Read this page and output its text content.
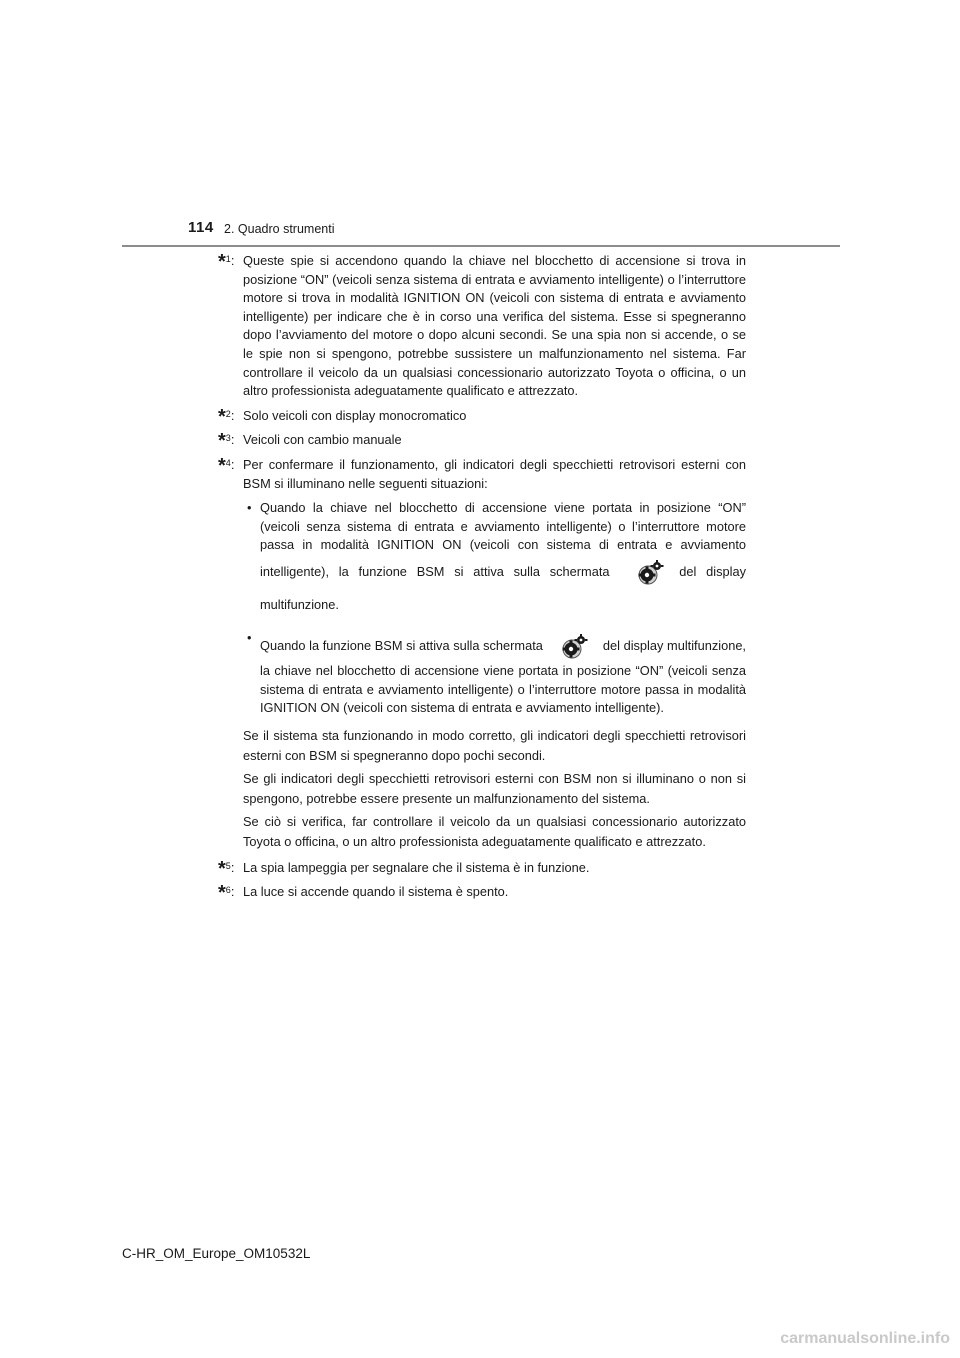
114 2. Quadro strumenti
*$^1$: Queste spie si accendono quando la chiave nel blocchetto di accensione si trova in posizione “ON” (veicoli senza sistema di entrata e avviamento intelligente) o l’interruttore motore si trova in modalità IGNITION ON (veicoli con sistema di entrata e avviamento intelligente) per indicare che è in corso una verifica del sistema. Esse si spegneranno dopo l’avviamento del motore o dopo alcuni secondi. Se una spia non si accende, o se le spie non si spengono, potrebbe sussistere un malfunzionamento nel sistema. Far controllare il veicolo da un qualsiasi concessionario autorizzato Toyota o officina, o un altro professionista adeguatamente qualificato e attrezzato.
*$^2$: Solo veicoli con display monocromatico
*$^3$: Veicoli con cambio manuale
*$^4$: Per confermare il funzionamento, gli indicatori degli specchietti retrovisori esterni con BSM si illuminano nelle seguenti situazioni:
• Quando la chiave nel blocchetto di accensione viene portata in posizione “ON” (veicoli senza sistema di entrata e avviamento intelligente) o l’interruttore motore passa in modalità IGNITION ON (veicoli con sistema di entrata e avviamento intelligente), la funzione BSM si attiva sulla schermata	del display multifunzione.
•
Quando la funzione BSM si attiva sulla schermata	del display multifunzione, la chiave nel blocchetto di accensione viene portata in posizione “ON” (veicoli senza sistema di entrata e avviamento intelligente) o l’interruttore motore passa in modalità IGNITION ON (veicoli con sistema di entrata e avviamento intelligente).
Se il sistema sta funzionando in modo corretto, gli indicatori degli specchietti retrovisori esterni con BSM si spegneranno dopo pochi secondi.
Se gli indicatori degli specchietti retrovisori esterni con BSM non si illuminano o non si spengono, potrebbe essere presente un malfunzionamento del sistema.
Se ciò si verifica, far controllare il veicolo da un qualsiasi concessionario autorizzato Toyota o officina, o un altro professionista adeguatamente qualificato e attrezzato.
*$^5$: La spia lampeggia per segnalare che il sistema è in funzione.
*$^6$: La luce si accende quando il sistema è spento.
C-HR_OM_Europe_OM10532L
carmanualsonline.info
